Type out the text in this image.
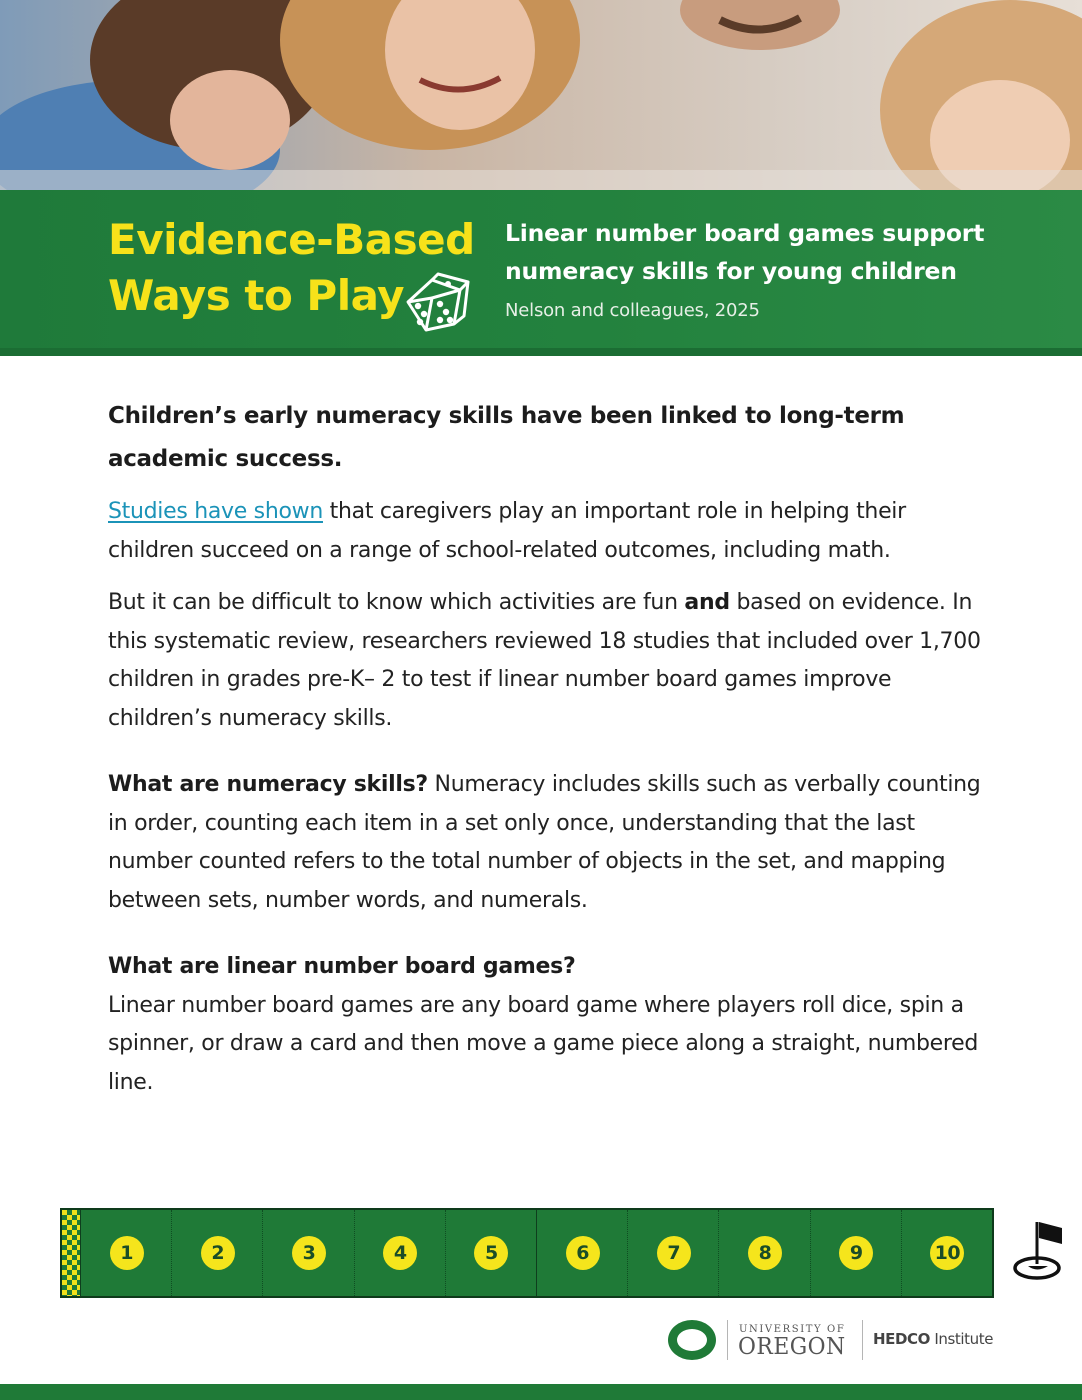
Evidence-Based
Ways to Play
Linear number board games support
numeracy skills for young children
Nelson and colleagues, 2025
Children’s early numeracy skills have been linked to long-term academic success.

Studies have shown that caregivers play an important role in helping their children succeed on a range of school-related outcomes, including math.

But it can be difficult to know which activities are fun and based on evidence. In this systematic review, researchers reviewed 18 studies that included over 1,700 children in grades pre-K– 2 to test if linear number board games improve children’s numeracy skills.

What are numeracy skills? Numeracy includes skills such as verbally counting in order, counting each item in a set only once, understanding that the last number counted refers to the total number of objects in the set, and mapping between sets, number words, and numerals.

What are linear number board games?
Linear number board games are any board game where players roll dice, spin a spinner, or draw a card and then move a game piece along a straight, numbered line.
1	2	3	4	5	6	7	8	9	10
UNIVERSITY OF
OREGON HEDCO Institute
